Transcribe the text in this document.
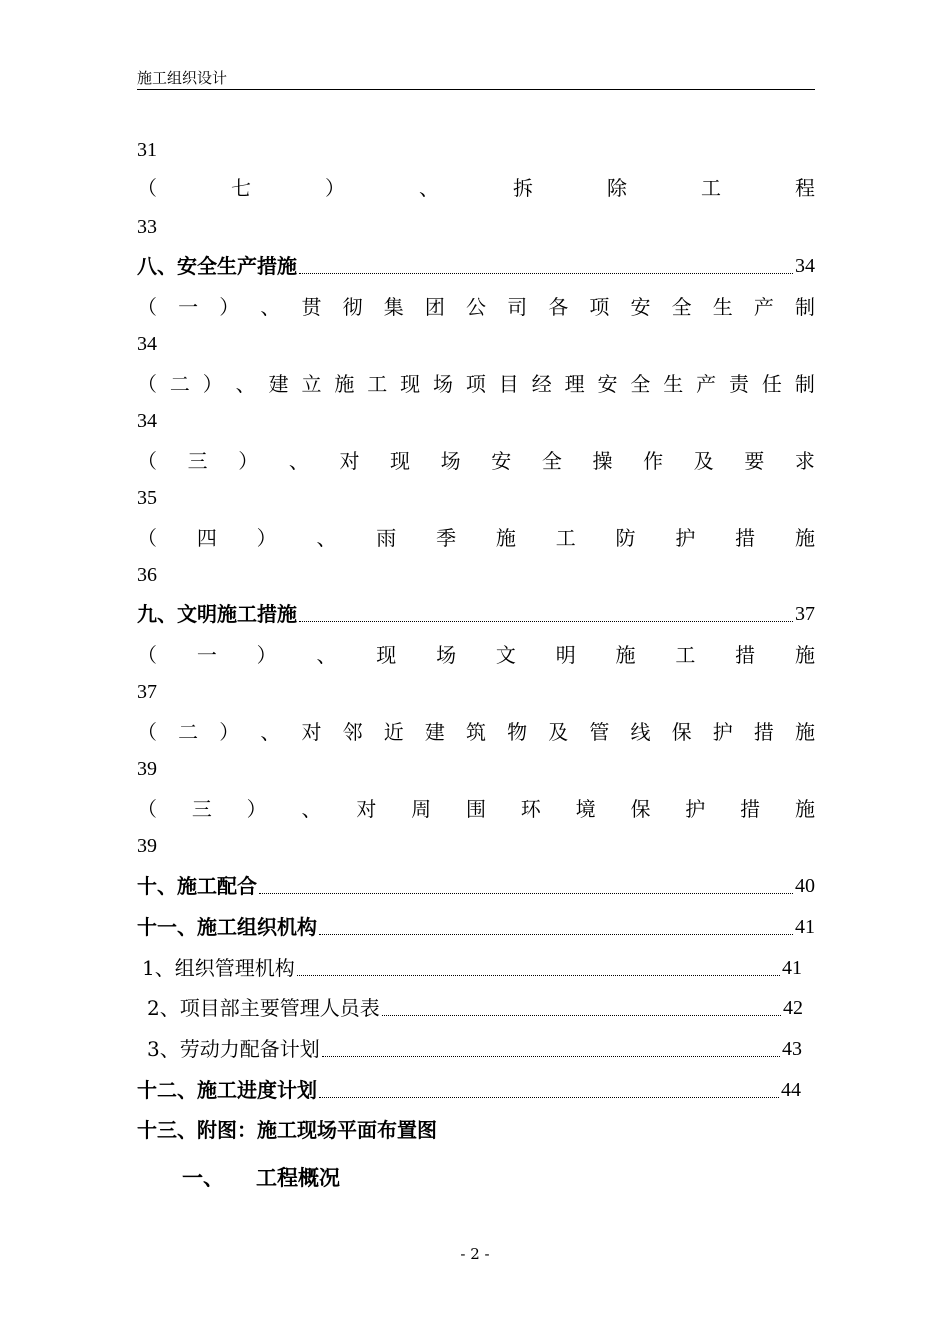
施工组织设计
31
（	七	）	、	拆	除	工	程
33
八、安全生产措施	34
（ 一 ） 、 贯 彻 集 团 公 司 各 项 安 全 生 产 制
34
（ 二 ） 、 建 立 施 工 现 场 项 目 经 理 安 全 生 产 责 任 制
34
（ 三 ） 、 对 现 场 安 全 操 作 及 要 求
35
（ 四 ） 、 雨 季 施 工 防 护 措 施
36
九、文明施工措施	37
（ 一 ） 、 现 场 文 明 施 工 措 施
37
（ 二 ） 、 对 邻 近 建 筑 物 及 管 线 保 护 措 施
39
（ 三 ） 、 对 周 围 环 境 保 护 措 施
39
十、施工配合	40
十一、施工组织机构	41
1、组织管理机构	41
2、项目部主要管理人员表	42
3、劳动力配备计划	43
十二、施工进度计划	44
十三、附图：施工现场平面布置图
一、 工程概况
- 2 -
